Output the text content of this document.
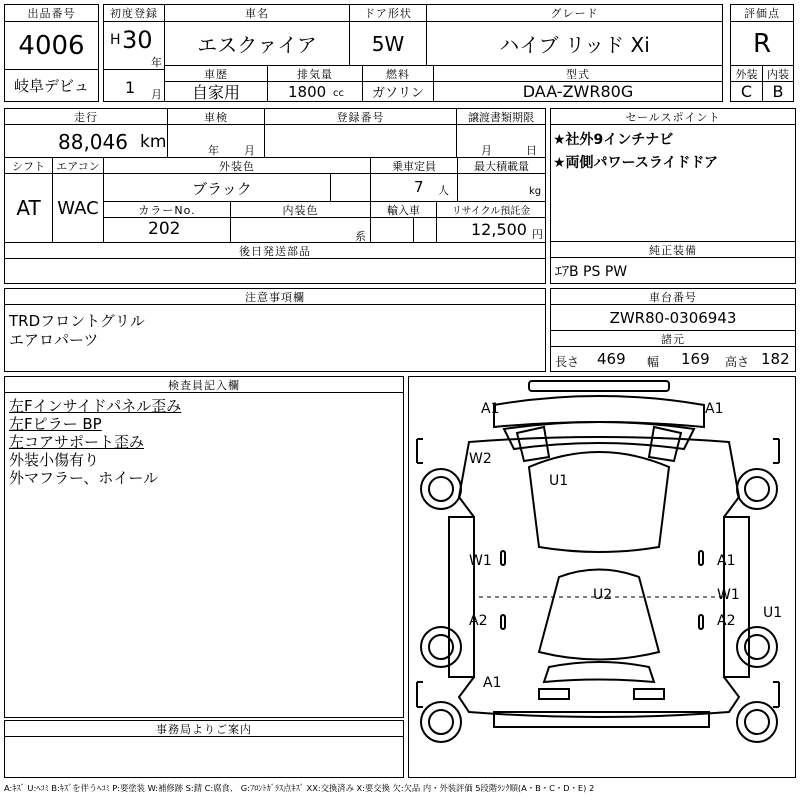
出品番号
4006
岐阜デビュ
初度登録
H 30
年
1 月
車名
エスクァイア
ドア形状
5W
グレード
ハイブ リッド Xi
評価点
R
車歴
自家用
排気量
1800 cc
燃料
ガソリン
型式
DAA-ZWR80G
外装 内装
C	B
走行
88,046 km
車検
年 月
登録番号	譲渡書類期限
月	日
シフト
AT
エアコン
WAC
外装色
ブラック
乗車定員
7 人
最大積載量
kg
カラーNo.
202
内装色
系
輸入車	リサイクル預託金
12,500 円
後日発送部品
セールスポイント
★社外9インチナビ
★両側パワースライドドア
純正装備
ｴｱB PS PW
注意事項欄
TRDフロントグリル
エアロパーツ
車台番号
ZWR80-0306943
諸元
長さ 469 幅 169 高さ 182
検査員記入欄
左Fインサイドパネル歪み
左Fピラー BP
左コアサポート歪み
外装小傷有り
外マフラー、ホイール
事務局よりご案内
A1	A1
W2
U1
W1	A1
W1
A2	A2
U2
U1
A1
A:ｷｽﾞ U:ﾍｺﾐ B:ｷｽﾞを伴うﾍｺﾐ P:要塗装 W:補修跡 S:錆 C:腐食、 G:ﾌﾛﾝﾄｶﾞﾗｽ点ｷｽﾞ XX:交換済み X:要交換 欠:欠品 内・外装評価 5段階ﾗﾝｸ順(A・B・C・D・E) 2
